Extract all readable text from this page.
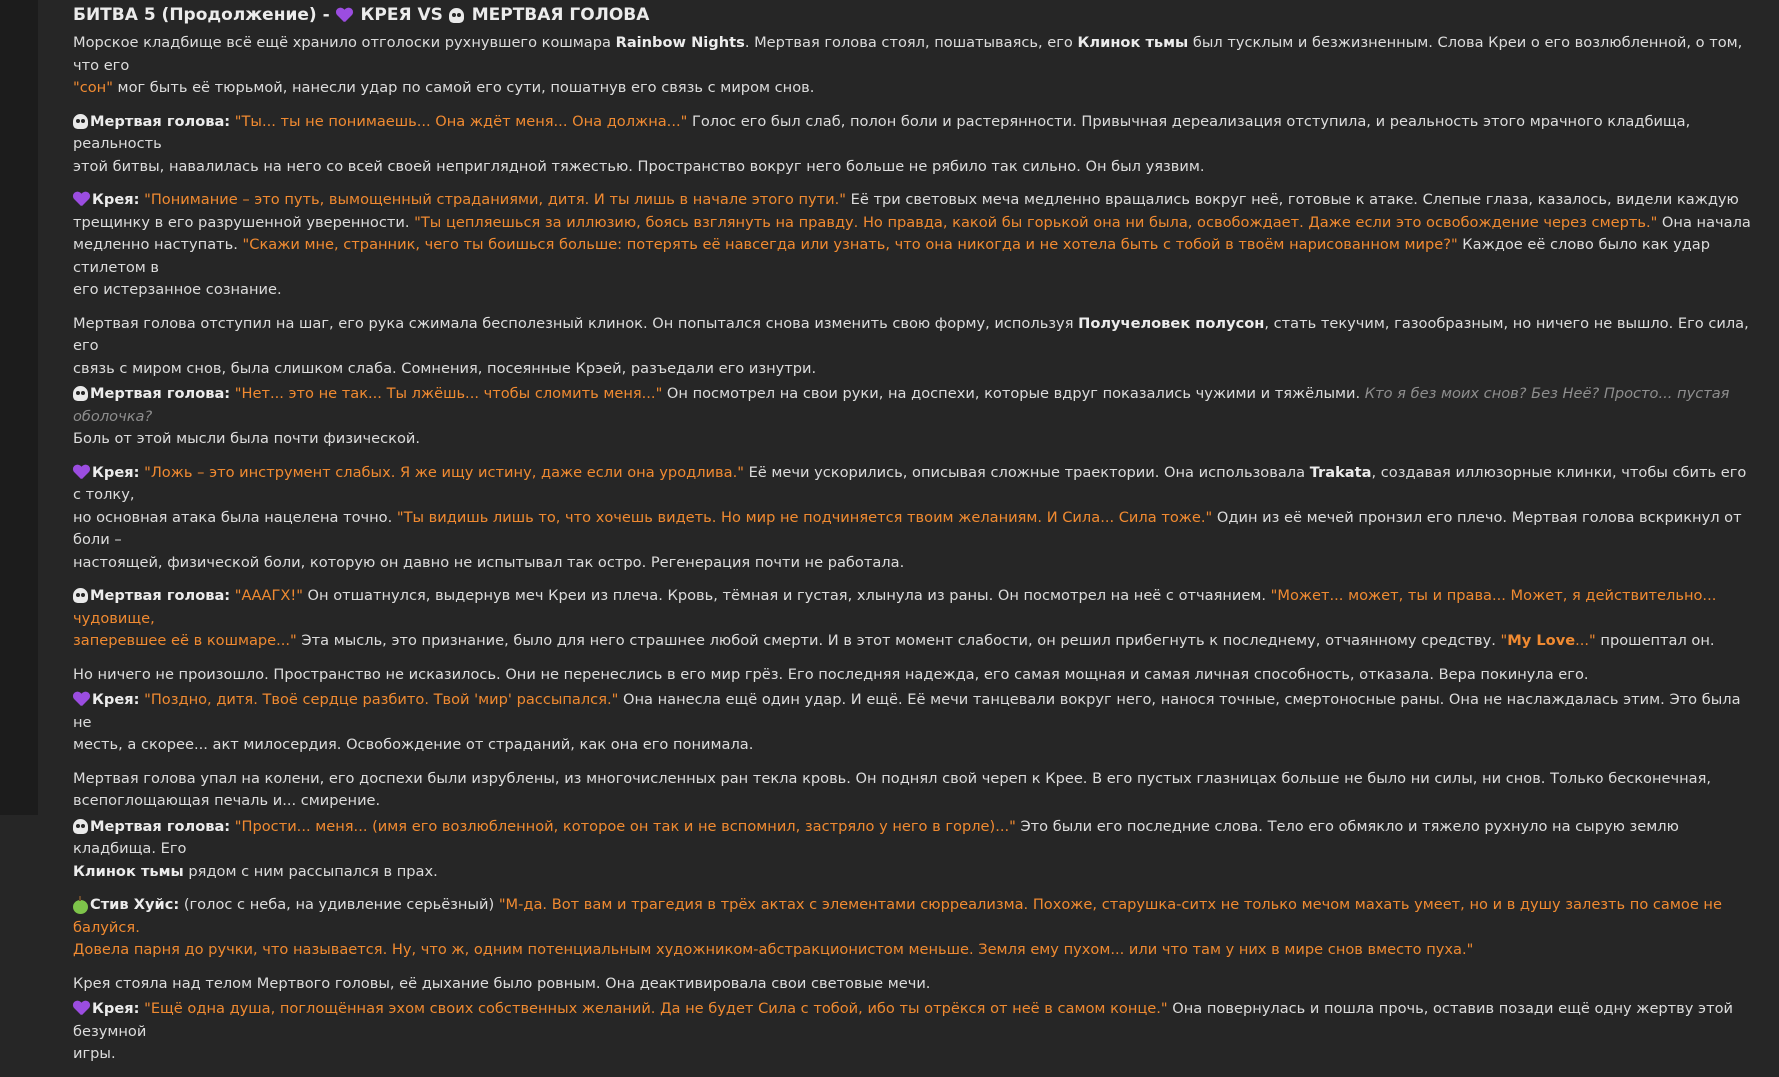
БИТВА 5 (Продолжение) -  КРЕЯ VS  МЕРТВАЯ ГОЛОВА

Морское кладбище всё ещё хранило отголоски рухнувшего кошмара Rainbow Nights. Мертвая голова стоял, пошатываясь, его Клинок тьмы был тусклым и безжизненным. Слова Креи о его возлюбленной, о том, что его
"сон" мог быть её тюрьмой, нанесли удар по самой его сути, пошатнув его связь с миром снов.

Мертвая голова: "Ты... ты не понимаешь... Она ждёт меня... Она должна..." Голос его был слаб, полон боли и растерянности. Привычная дереализация отступила, и реальность этого мрачного кладбища, реальность
этой битвы, навалилась на него со всей своей неприглядной тяжестью. Пространство вокруг него больше не рябило так сильно. Он был уязвим.

Крея: "Понимание – это путь, вымощенный страданиями, дитя. И ты лишь в начале этого пути." Её три световых меча медленно вращались вокруг неё, готовые к атаке. Слепые глаза, казалось, видели каждую
трещинку в его разрушенной уверенности. "Ты цепляешься за иллюзию, боясь взглянуть на правду. Но правда, какой бы горькой она ни была, освобождает. Даже если это освобождение через смерть." Она начала
медленно наступать. "Скажи мне, странник, чего ты боишься больше: потерять её навсегда или узнать, что она никогда и не хотела быть с тобой в твоём нарисованном мире?" Каждое её слово было как удар стилетом в
его истерзанное сознание.

Мертвая голова отступил на шаг, его рука сжимала бесполезный клинок. Он попытался снова изменить свою форму, используя Получеловек полусон, стать текучим, газообразным, но ничего не вышло. Его сила, его
связь с миром снов, была слишком слаба. Сомнения, посеянные Крэей, разъедали его изнутри.

Мертвая голова: "Нет... это не так... Ты лжёшь... чтобы сломить меня..." Он посмотрел на свои руки, на доспехи, которые вдруг показались чужими и тяжёлыми. Кто я без моих снов? Без Неё? Просто... пустая оболочка?
Боль от этой мысли была почти физической.

Крея: "Ложь – это инструмент слабых. Я же ищу истину, даже если она уродлива." Её мечи ускорились, описывая сложные траектории. Она использовала Trakata, создавая иллюзорные клинки, чтобы сбить его с толку,
но основная атака была нацелена точно. "Ты видишь лишь то, что хочешь видеть. Но мир не подчиняется твоим желаниям. И Сила... Сила тоже." Один из её мечей пронзил его плечо. Мертвая голова вскрикнул от боли –
настоящей, физической боли, которую он давно не испытывал так остро. Регенерация почти не работала.

Мертвая голова: "АААГХ!" Он отшатнулся, выдернув меч Креи из плеча. Кровь, тёмная и густая, хлынула из раны. Он посмотрел на неё с отчаянием. "Может... может, ты и права... Может, я действительно... чудовище,
заперевшее её в кошмаре..." Эта мысль, это признание, было для него страшнее любой смерти. И в этот момент слабости, он решил прибегнуть к последнему, отчаянному средству. "My Love..." прошептал он.

Но ничего не произошло. Пространство не исказилось. Они не перенеслись в его мир грёз. Его последняя надежда, его самая мощная и самая личная способность, отказала. Вера покинула его.

Крея: "Поздно, дитя. Твоё сердце разбито. Твой 'мир' рассыпался." Она нанесла ещё один удар. И ещё. Её мечи танцевали вокруг него, нанося точные, смертоносные раны. Она не наслаждалась этим. Это была не
месть, а скорее... акт милосердия. Освобождение от страданий, как она его понимала.

Мертвая голова упал на колени, его доспехи были изрублены, из многочисленных ран текла кровь. Он поднял свой череп к Крее. В его пустых глазницах больше не было ни силы, ни снов. Только бесконечная,
всепоглощающая печаль и... смирение.

Мертвая голова: "Прости... меня... (имя его возлюбленной, которое он так и не вспомнил, застряло у него в горле)..." Это были его последние слова. Тело его обмякло и тяжело рухнуло на сырую землю кладбища. Его
Клинок тьмы рядом с ним рассыпался в прах.

Стив Хуйс: (голос с неба, на удивление серьёзный) "М-да. Вот вам и трагедия в трёх актах с элементами сюрреализма. Похоже, старушка-ситх не только мечом махать умеет, но и в душу залезть по самое не балуйся.
Довела парня до ручки, что называется. Ну, что ж, одним потенциальным художником-абстракционистом меньше. Земля ему пухом... или что там у них в мире снов вместо пуха."

Крея стояла над телом Мертвого головы, её дыхание было ровным. Она деактивировала свои световые мечи.

Крея: "Ещё одна душа, поглощённая эхом своих собственных желаний. Да не будет Сила с тобой, ибо ты отрёкся от неё в самом конце." Она повернулась и пошла прочь, оставив позади ещё одну жертву этой безумной
игры.
